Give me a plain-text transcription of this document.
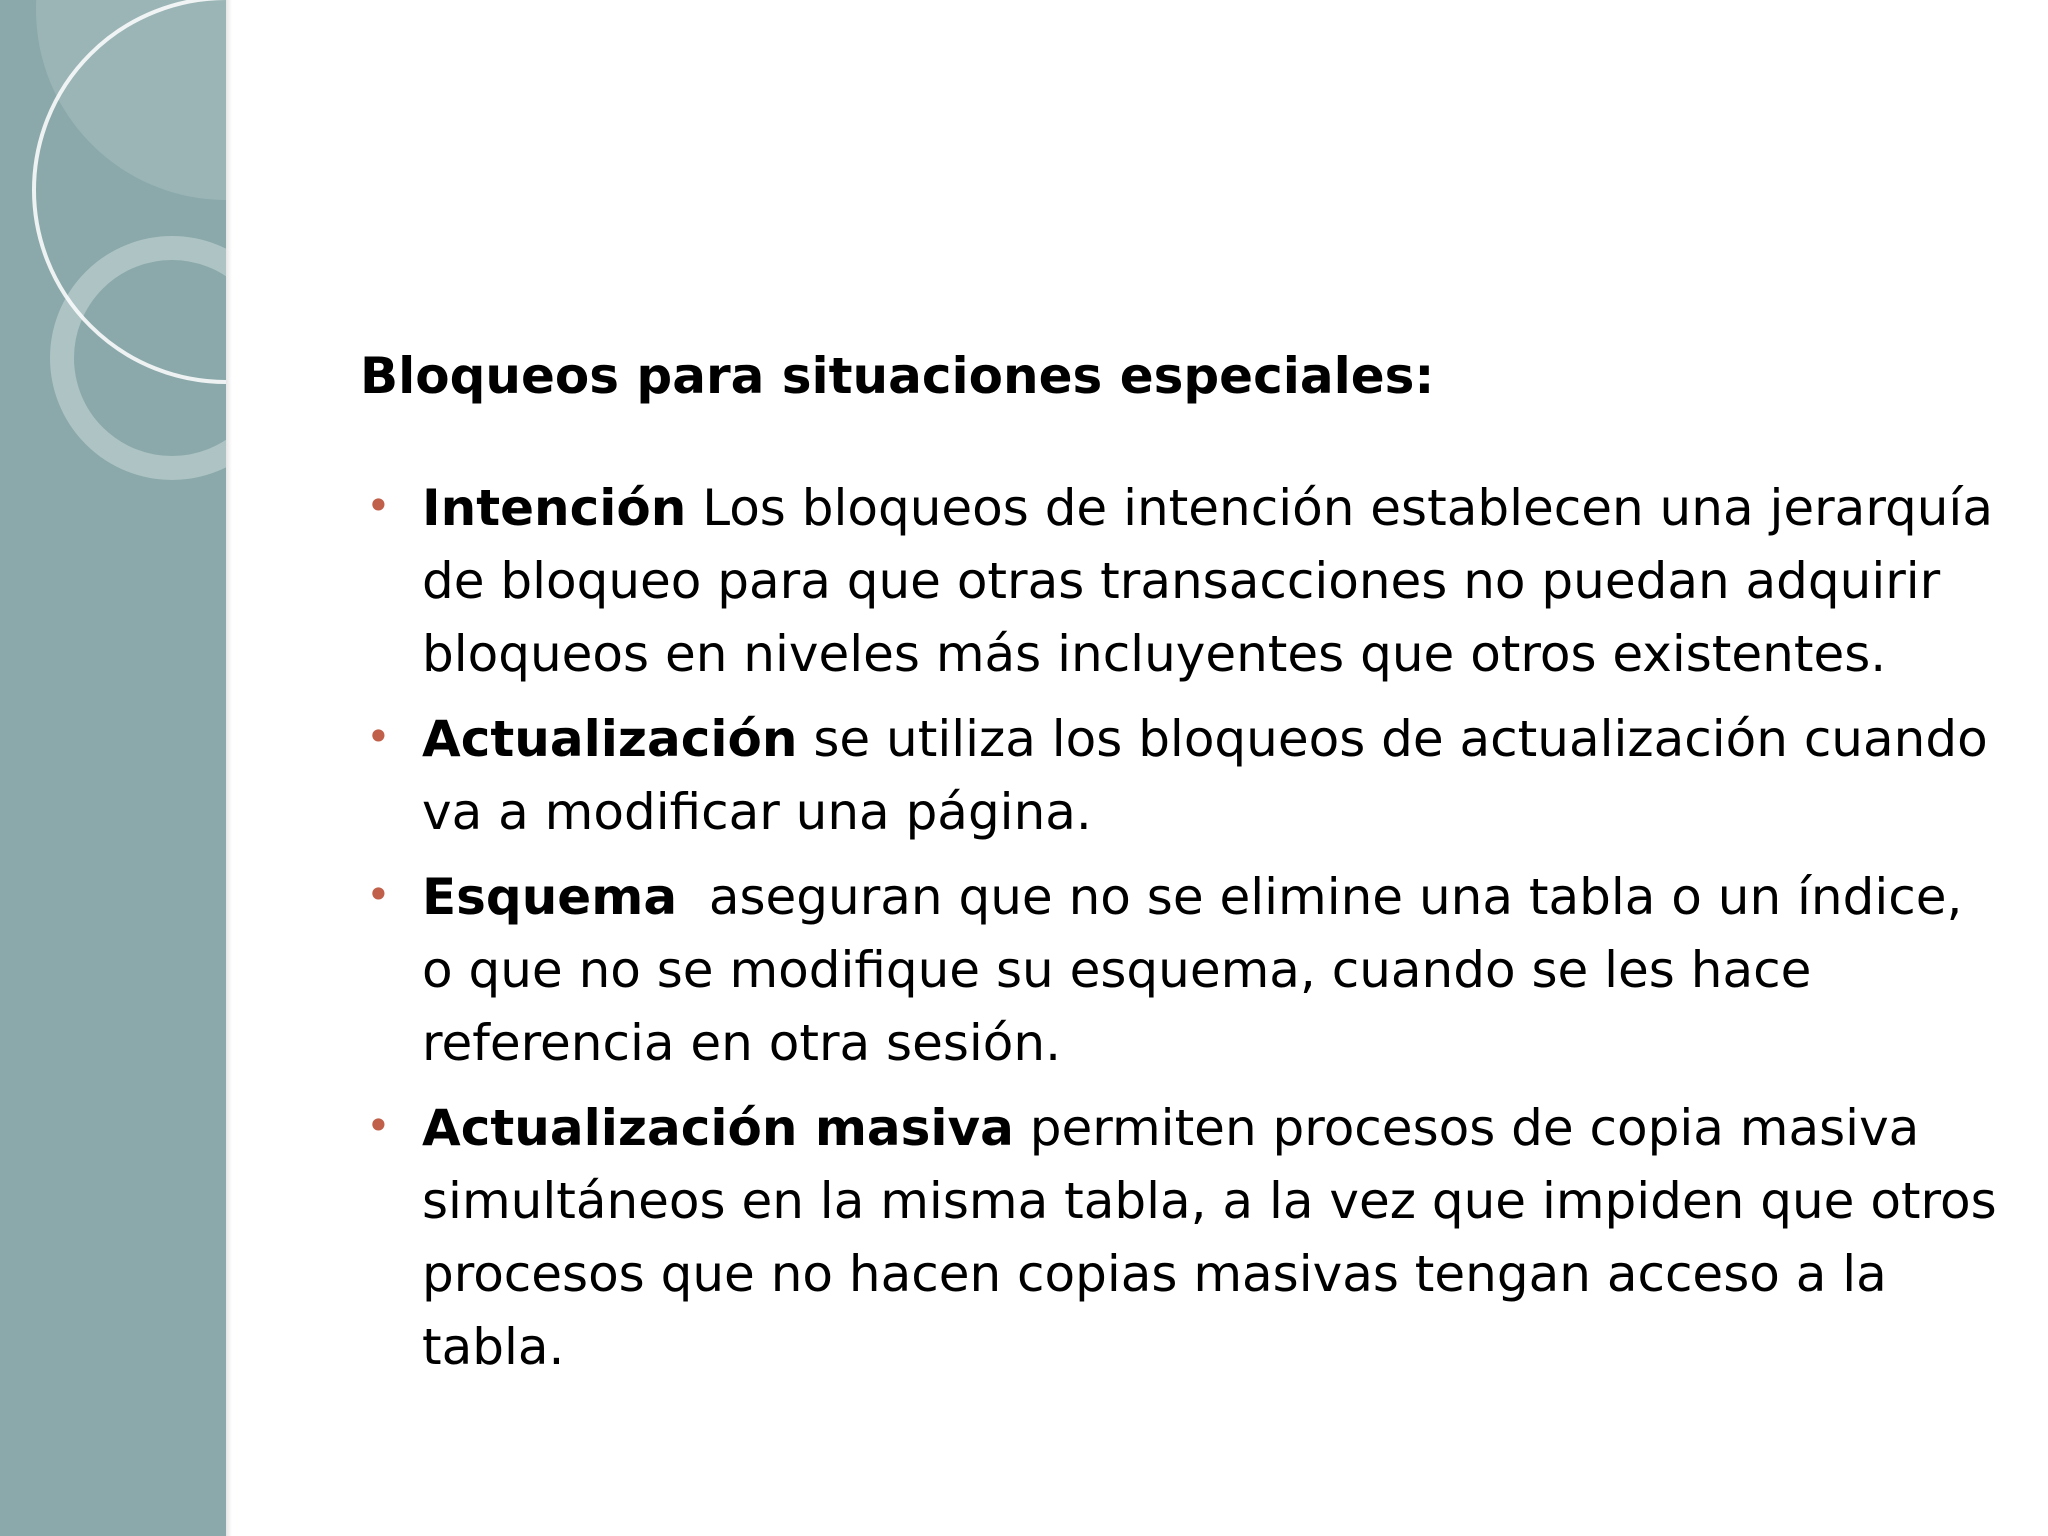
Bloqueos para situaciones especiales:
• Intención Los bloqueos de intención establecen una jerarquía de bloqueo para que otras transacciones no puedan adquirir bloqueos en niveles más incluyentes que otros existentes.
• Actualización se utiliza los bloqueos de actualización cuando va a modificar una página.
• Esquema  aseguran que no se elimine una tabla o un índice, o que no se modifique su esquema, cuando se les hace referencia en otra sesión.
• Actualización masiva permiten procesos de copia masiva simultáneos en la misma tabla, a la vez que impiden que otros procesos que no hacen copias masivas tengan acceso a la tabla.
